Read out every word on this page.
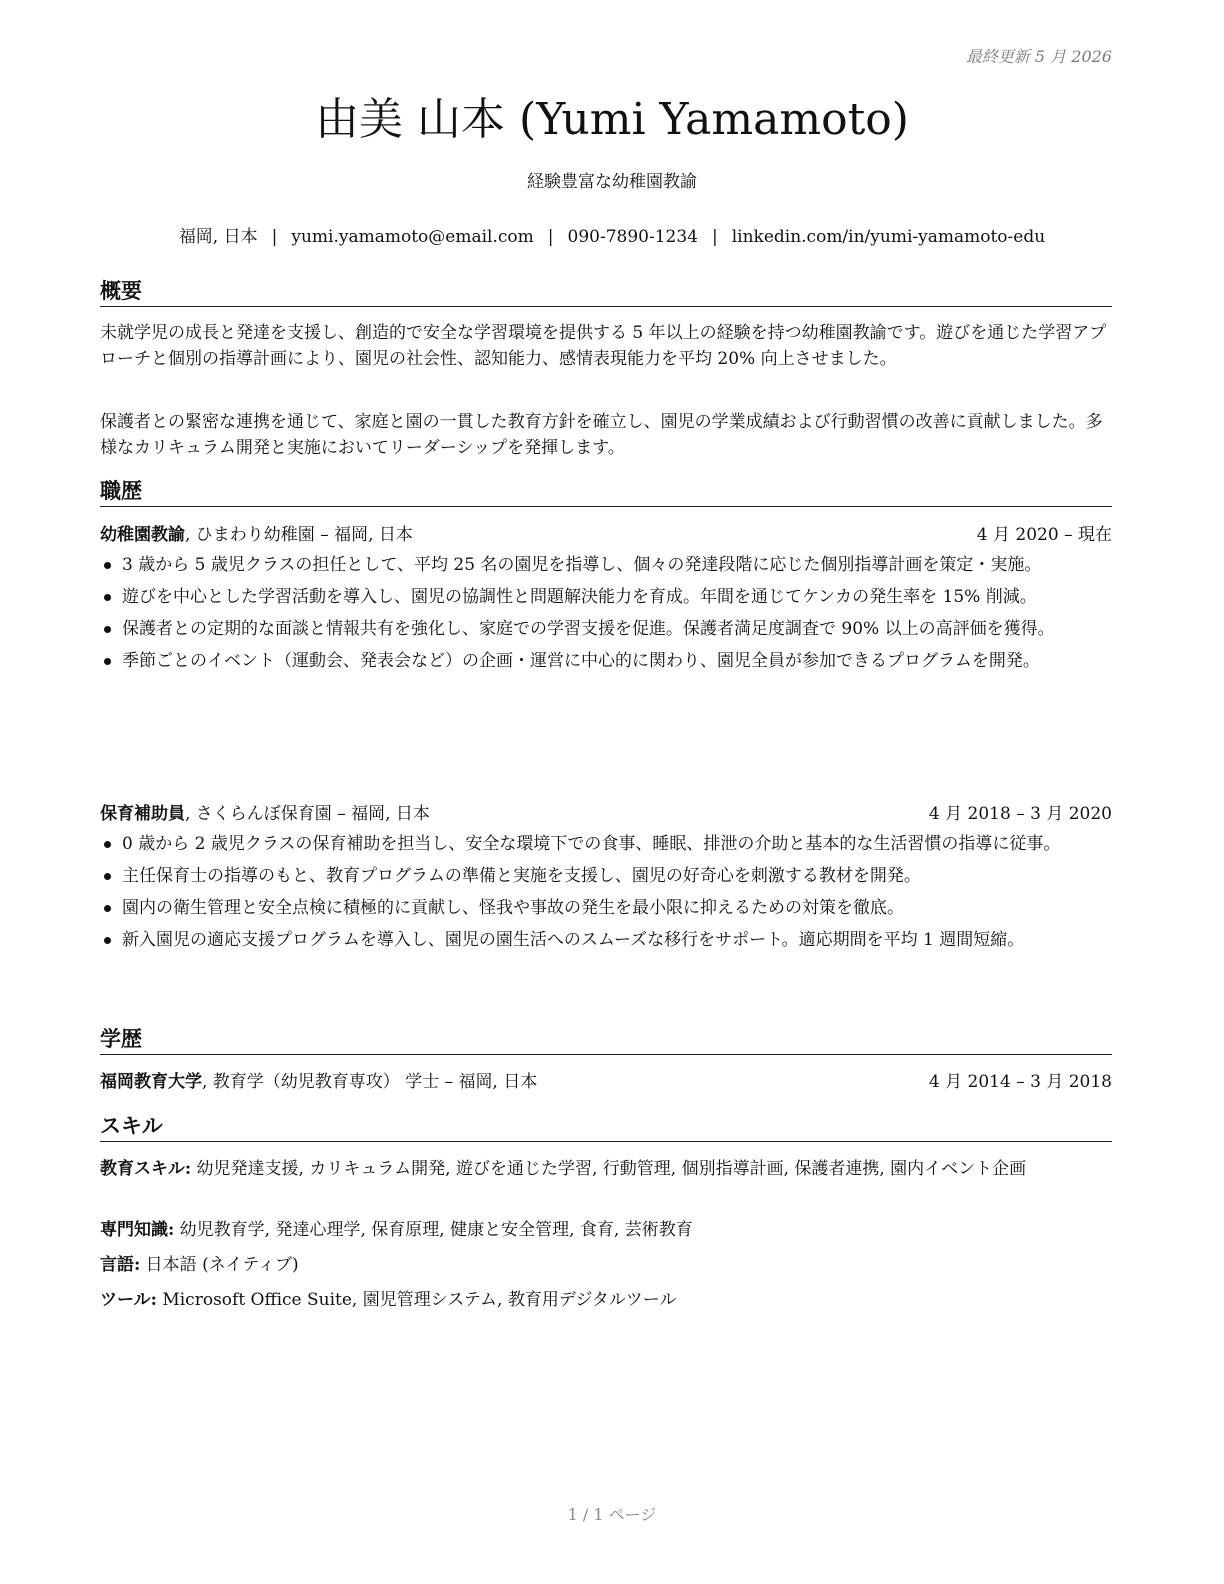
最終更新 5 月 2026
由美 山本 (Yumi Yamamoto)
経験豊富な幼稚園教諭
福岡, 日本 | yumi.yamamoto@email.com | 090-7890-1234 | linkedin.com/in/yumi-yamamoto-edu
概要

未就学児の成長と発達を支援し、創造的で安全な学習環境を提供する 5 年以上の経験を持つ幼稚園教諭です。遊びを通じた学習アプローチと個別の指導計画により、園児の社会性、認知能力、感情表現能力を平均 20% 向上させました。

保護者との緊密な連携を通じて、家庭と園の一貫した教育方針を確立し、園児の学業成績および行動習慣の改善に貢献しました。多様なカリキュラム開発と実施においてリーダーシップを発揮します。

職歴
幼稚園教諭, ひまわり幼稚園 – 福岡, 日本	4 月 2020 – 現在
3 歳から 5 歳児クラスの担任として、平均 25 名の園児を指導し、個々の発達段階に応じた個別指導計画を策定・実施。
遊びを中心とした学習活動を導入し、園児の協調性と問題解決能力を育成。年間を通じてケンカの発生率を 15% 削減。
保護者との定期的な面談と情報共有を強化し、家庭での学習支援を促進。保護者満足度調査で 90% 以上の高評価を獲得。
季節ごとのイベント（運動会、発表会など）の企画・運営に中心的に関わり、園児全員が参加できるプログラムを開発。
保育補助員, さくらんぼ保育園 – 福岡, 日本	4 月 2018 – 3 月 2020
0 歳から 2 歳児クラスの保育補助を担当し、安全な環境下での食事、睡眠、排泄の介助と基本的な生活習慣の指導に従事。
主任保育士の指導のもと、教育プログラムの準備と実施を支援し、園児の好奇心を刺激する教材を開発。
園内の衛生管理と安全点検に積極的に貢献し、怪我や事故の発生を最小限に抑えるための対策を徹底。
新入園児の適応支援プログラムを導入し、園児の園生活へのスムーズな移行をサポート。適応期間を平均 1 週間短縮。
学歴
福岡教育大学, 教育学（幼児教育専攻） 学士 – 福岡, 日本	4 月 2014 – 3 月 2018
スキル
教育スキル: 幼児発達支援, カリキュラム開発, 遊びを通じた学習, 行動管理, 個別指導計画, 保護者連携, 園内イベント企画
専門知識: 幼児教育学, 発達心理学, 保育原理, 健康と安全管理, 食育, 芸術教育
言語: 日本語 (ネイティブ)
ツール: Microsoft Office Suite, 園児管理システム, 教育用デジタルツール
1 / 1 ページ
